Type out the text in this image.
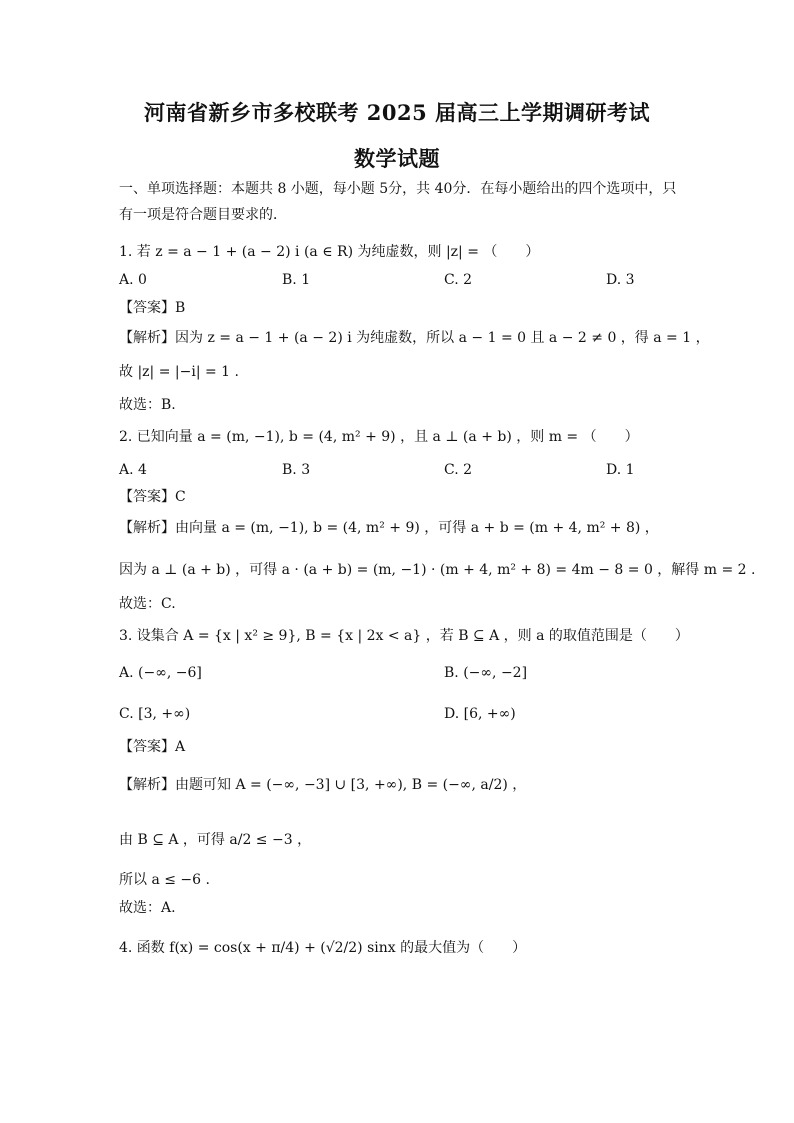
河南省新乡市多校联考 2025 届高三上学期调研考试
数学试题
一、单项选择题：本题共 8 小题，每小题 5分，共 40分．在每小题给出的四个选项中，只
有一项是符合题目要求的．
1. 若 z = a − 1 + (a − 2) i (a ∈ R) 为纯虚数，则 |z| = （　　）
A. 0	B. 1	C. 2	D. 3
【答案】B
【解析】因为 z = a − 1 + (a − 2) i 为纯虚数，所以 a − 1 = 0 且 a − 2 ≠ 0 ，得 a = 1 ，
故 |z| = |−i| = 1 .
故选：B.
2. 已知向量 a = (m, −1), b = (4, m² + 9) ，且 a ⊥ (a + b) ，则 m = （　　）
A. 4	B. 3	C. 2	D. 1
【答案】C
【解析】由向量 a = (m, −1), b = (4, m² + 9) ，可得 a + b = (m + 4, m² + 8) ，
因为 a ⊥ (a + b) ，可得 a · (a + b) = (m, −1) · (m + 4, m² + 8) = 4m − 8 = 0 ，解得 m = 2 .
故选：C.
3. 设集合 A = {x | x² ≥ 9}, B = {x | 2x < a} ，若 B ⊆ A ，则 a 的取值范围是（　　）
A. (−∞, −6]	B. (−∞, −2]
C. [3, +∞)	D. [6, +∞)
【答案】A
【解析】由题可知 A = (−∞, −3] ∪ [3, +∞), B = (−∞, a/2) ，
由 B ⊆ A ，可得 a/2 ≤ −3 ，
所以 a ≤ −6 .
故选：A.
4. 函数 f(x) = cos(x + π/4) + (√2/2) sinx 的最大值为（　　）
